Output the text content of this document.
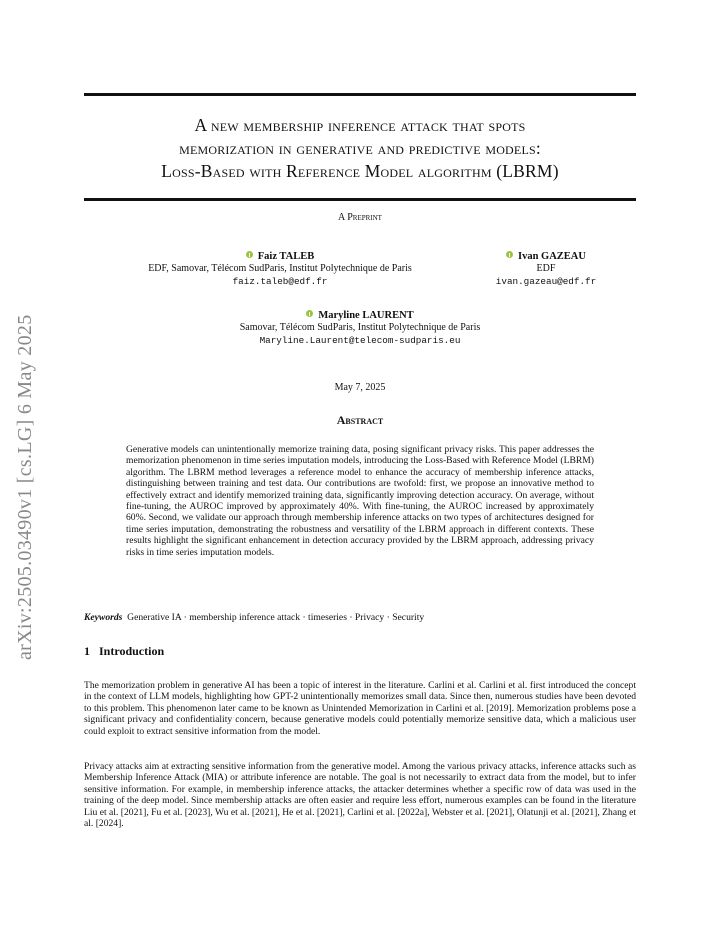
arXiv:2505.03490v1 [cs.LG] 6 May 2025
A new membership inference attack that spots
memorization in generative and predictive models:
Loss-Based with Reference Model algorithm (LBRM)
A Preprint
Faiz TALEB
EDF, Samovar, Télécom SudParis, Institut Polytechnique de Paris
faiz.taleb@edf.fr
Ivan GAZEAU
EDF
ivan.gazeau@edf.fr
Maryline LAURENT
Samovar, Télécom SudParis, Institut Polytechnique de Paris
Maryline.Laurent@telecom-sudparis.eu
May 7, 2025
Abstract
Generative models can unintentionally memorize training data, posing significant privacy risks. This paper addresses the memorization phenomenon in time series imputation models, introducing the Loss-Based with Reference Model (LBRM) algorithm. The LBRM method leverages a reference model to enhance the accuracy of membership inference attacks, distinguishing between training and test data. Our contributions are twofold: first, we propose an innovative method to effectively extract and identify memorized training data, significantly improving detection accuracy. On average, without fine-tuning, the AUROC improved by approximately 40%. With fine-tuning, the AUROC increased by approximately 60%. Second, we validate our approach through membership inference attacks on two types of architectures designed for time series imputation, demonstrating the robustness and versatility of the LBRM approach in different contexts. These results highlight the significant enhancement in detection accuracy provided by the LBRM approach, addressing privacy risks in time series imputation models.
Keywords Generative IA · membership inference attack · timeseries · Privacy · Security
1 Introduction
The memorization problem in generative AI has been a topic of interest in the literature. Carlini et al. Carlini et al. first introduced the concept in the context of LLM models, highlighting how GPT-2 unintentionally memorizes small data. Since then, numerous studies have been devoted to this problem. This phenomenon later came to be known as Unintended Memorization in Carlini et al. [2019]. Memorization problems pose a significant privacy and confidentiality concern, because generative models could potentially memorize sensitive data, which a malicious user could exploit to extract sensitive information from the model.
Privacy attacks aim at extracting sensitive information from the generative model. Among the various privacy attacks, inference attacks such as Membership Inference Attack (MIA) or attribute inference are notable. The goal is not necessarily to extract data from the model, but to infer sensitive information. For example, in membership inference attacks, the attacker determines whether a specific row of data was used in the training of the deep model. Since membership attacks are often easier and require less effort, numerous examples can be found in the literature Liu et al. [2021], Fu et al. [2023], Wu et al. [2021], He et al. [2021], Carlini et al. [2022a], Webster et al. [2021], Olatunji et al. [2021], Zhang et al. [2024].
